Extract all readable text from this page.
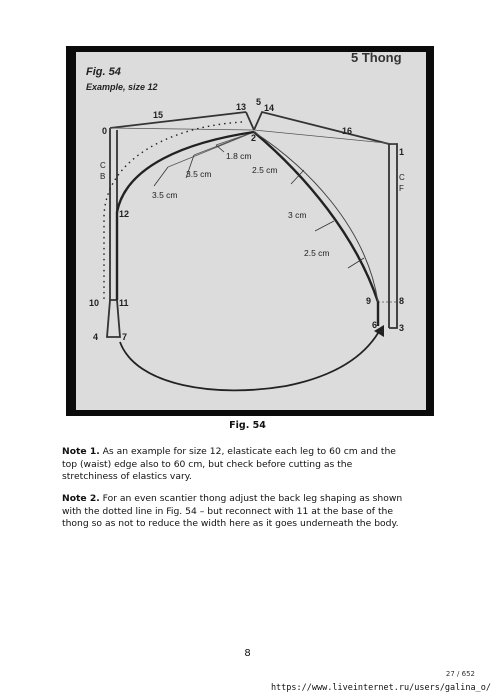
5 Thong
Fig. 54
Example, size 12
0
1
2
3
4
5
6
7
8
9
10 11
12
13 14
15
16
C
B	C
F
1.8 cm
3.5 cm
3.5 cm
2.5 cm
3 cm
2.5 cm
Fig. 54
Note 1. As an example for size 12, elasticate each leg to 60 cm and the
top (waist) edge also to 60 cm, but check before cutting as the
stretchiness of elastics vary.
Note 2. For an even scantier thong adjust the back leg shaping as shown
with the dotted line in Fig. 54 – but reconnect with 11 at the base of the
thong so as not to reduce the width here as it goes underneath the body.
8
27 / 652
https://www.liveinternet.ru/users/galina_o/
